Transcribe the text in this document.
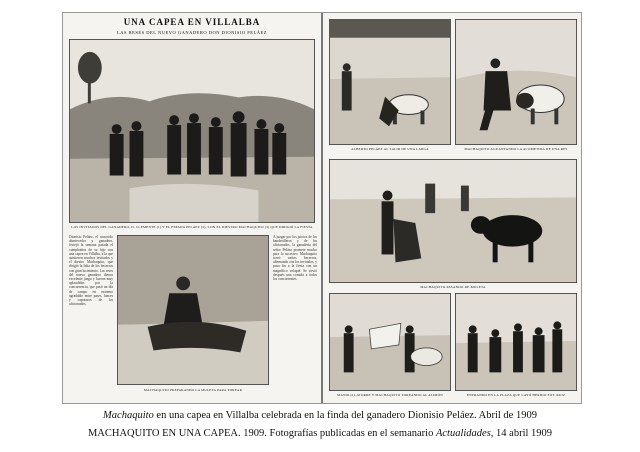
UNA CAPEA EN VILLALBA
LAS RESES DEL NUEVO GANADERO DON DIONISIO PELÁEZ
LOS INVITADOS DEL GANADERO, D. CLEMENTE (1) Y EL ESPADA PELÁEZ (2), CON EL DIESTRO MACHAQUITO (3) QUE DIRIGIÓ LA FIESTA
Dionisio Peláez, el conocido abastecedor y ganadero, festejó la semana pasada el cumpleaños de su hijo con una capea en Villalba, a la que asistieron muchos invitados y el diestro Machaquito, que dirigió la lidia de los becerros con gran lucimiento. Las reses del nuevo ganadero dieron excelente juego y fueron muy aplaudidas por la concurrencia, que pasó un día de campo en extremo agradable entre pases, lances y capotazos de los aficionados.
MACHAQUITO PREPARANDO LA MULETA PARA TOREAR
A juzgar por los juicios de los banderilleros y de los aficionados, la ganadería del señor Peláez promete mucho para lo sucesivo. Machaquito toreó varios becerros, alternando con los invitados, y puso fin a la fiesta con un magnífico volapié. Se sirvió después una comida a todos los concurrentes.
ALBERTO PELÁEZ AL SALIR DE UNA LARGA	MACHAQUITO AGUANTANDO LA ACOMETIDA DE UNA RES
MACHAQUITO PASANDO DE MULETA
MANOLO LATORRE Y MACHAQUITO TOREANDO AL ALIMÓN	ENTRANDO EN LA PLAZA QUE CAYÓ HERIDO FOT. RUIZ
Machaquito en una capea en Villalba celebrada en la finda del ganadero Dionisio Peláez. Abril de 1909
MACHAQUITO EN UNA CAPEA. 1909. Fotografías publicadas en el semanario Actualidades, 14 abril 1909
